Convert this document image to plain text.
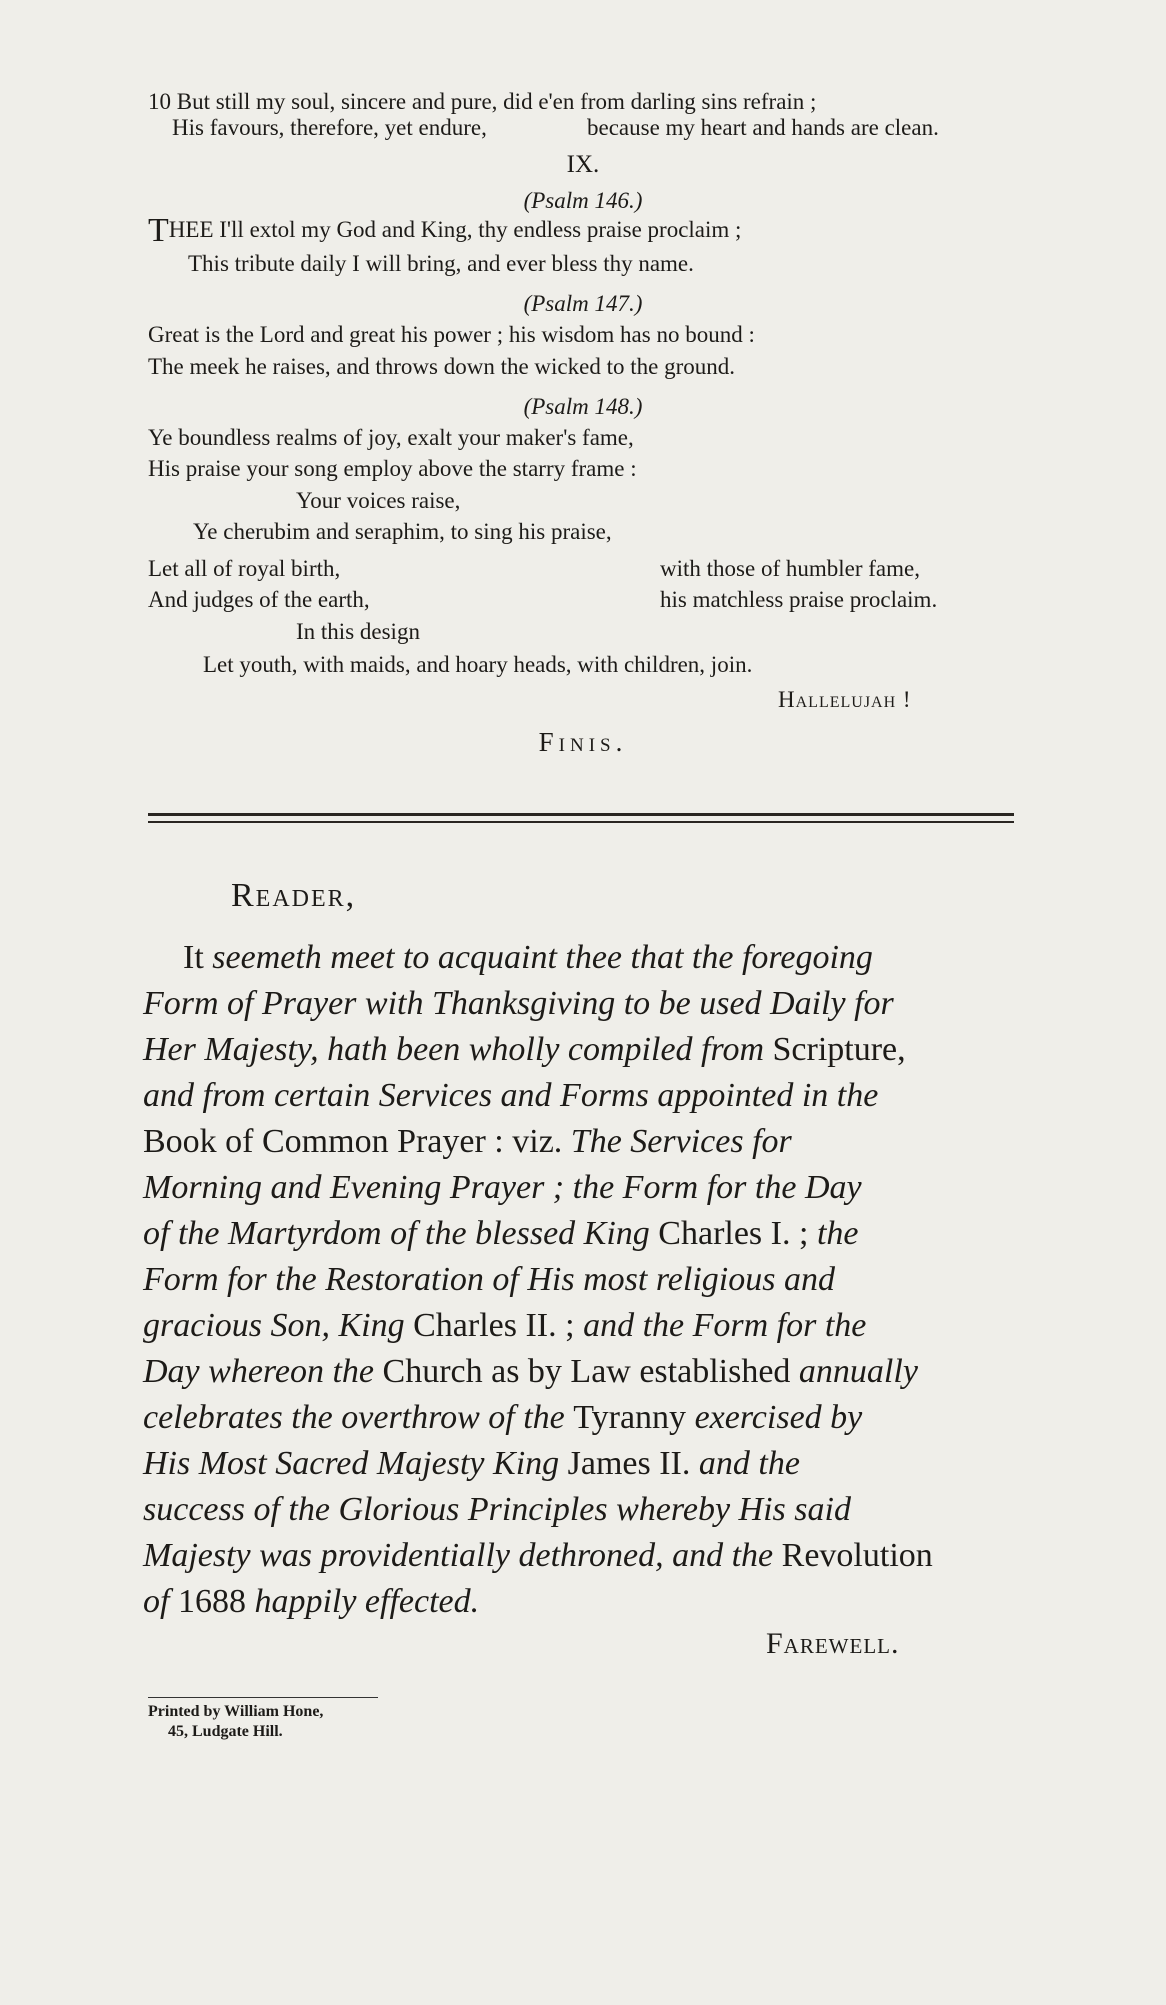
10 But still my soul, sincere and pure, did e'en from darling sins refrain ;
His favours, therefore, yet endure,	because my heart and hands are clean.
IX.
(Psalm 146.)
THEE I'll extol my God and King, thy endless praise proclaim ;
This tribute daily I will bring, and ever bless thy name.
(Psalm 147.)
Great is the Lord and great his power ; his wisdom has no bound :
The meek he raises, and throws down the wicked to the ground.
(Psalm 148.)
Ye boundless realms of joy, exalt your maker's fame,
His praise your song employ above the starry frame :
Your voices raise,
Ye cherubim and seraphim, to sing his praise,
Let all of royal birth,	with those of humbler fame,
And judges of the earth,	his matchless praise proclaim.
In this design
Let youth, with maids, and hoary heads, with children, join.
Hallelujah !
Finis.
Reader,
It seemeth meet to acquaint thee that the foregoing
Form of Prayer with Thanksgiving to be used Daily for
Her Majesty, hath been wholly compiled from Scripture,
and from certain Services and Forms appointed in the
Book of Common Prayer : viz. The Services for
Morning and Evening Prayer ; the Form for the Day
of the Martyrdom of the blessed King Charles I. ; the
Form for the Restoration of His most religious and
gracious Son, King Charles II. ; and the Form for the
Day whereon the Church as by Law established annually
celebrates the overthrow of the Tyranny exercised by
His Most Sacred Majesty King James II. and the
success of the Glorious Principles whereby His said
Majesty was providentially dethroned, and the Revolution
of 1688 happily effected.
Farewell.
Printed by William Hone,
45, Ludgate Hill.
